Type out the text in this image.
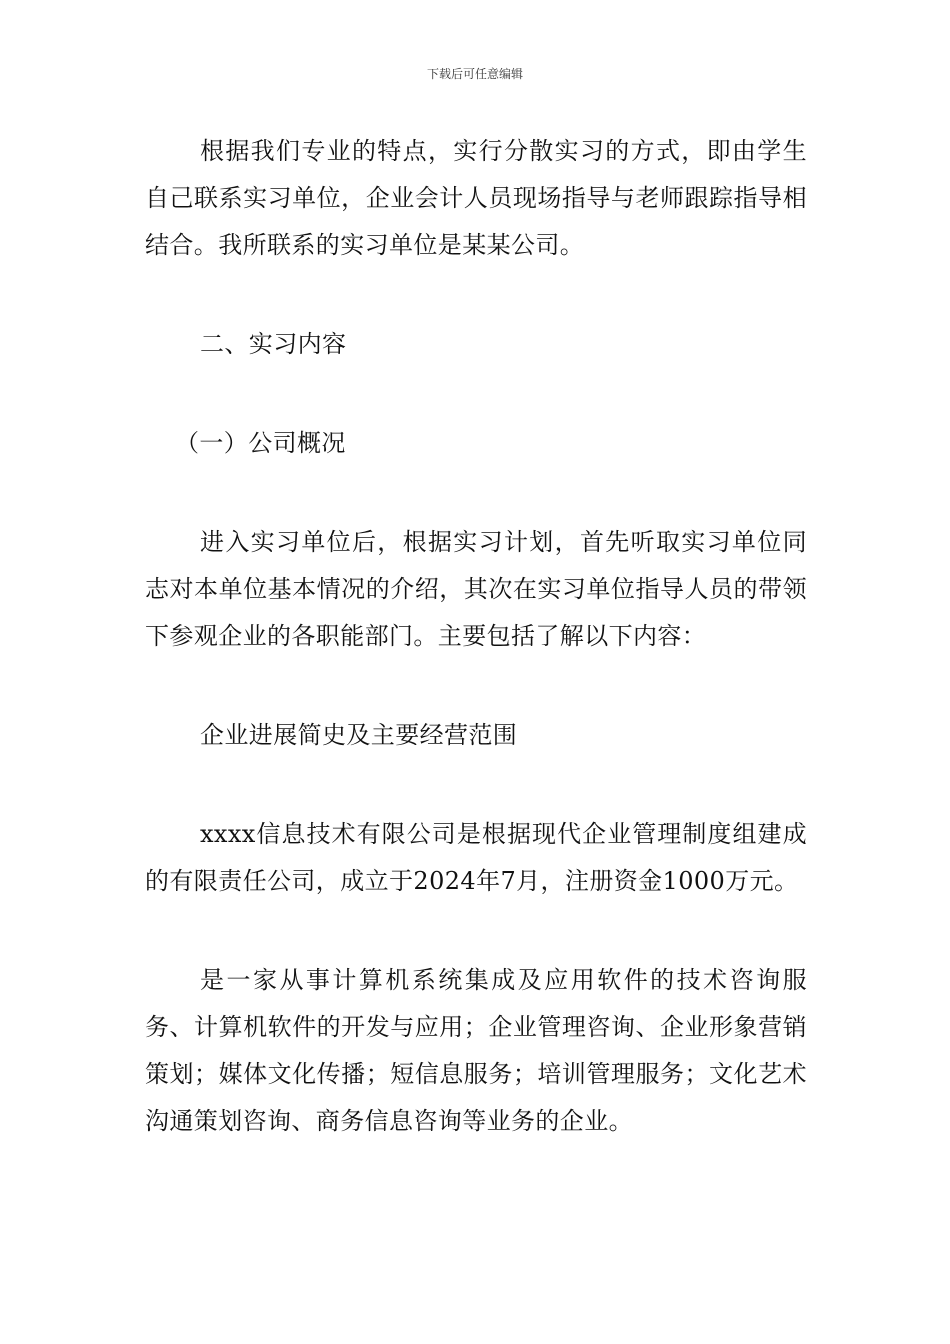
下载后可任意编辑

根据我们专业的特点，实行分散实习的方式，即由学生自己联系实习单位，企业会计人员现场指导与老师跟踪指导相结合。我所联系的实习单位是某某公司。

二、实习内容

（一）公司概况

进入实习单位后，根据实习计划，首先听取实习单位同志对本单位基本情况的介绍，其次在实习单位指导人员的带领下参观企业的各职能部门。主要包括了解以下内容：

企业进展简史及主要经营范围

xxxx信息技术有限公司是根据现代企业管理制度组建成的有限责任公司，成立于2024年7月，注册资金1000万元。

是一家从事计算机系统集成及应用软件的技术咨询服务、计算机软件的开发与应用；企业管理咨询、企业形象营销策划；媒体文化传播；短信息服务；培训管理服务；文化艺术沟通策划咨询、商务信息咨询等业务的企业。
